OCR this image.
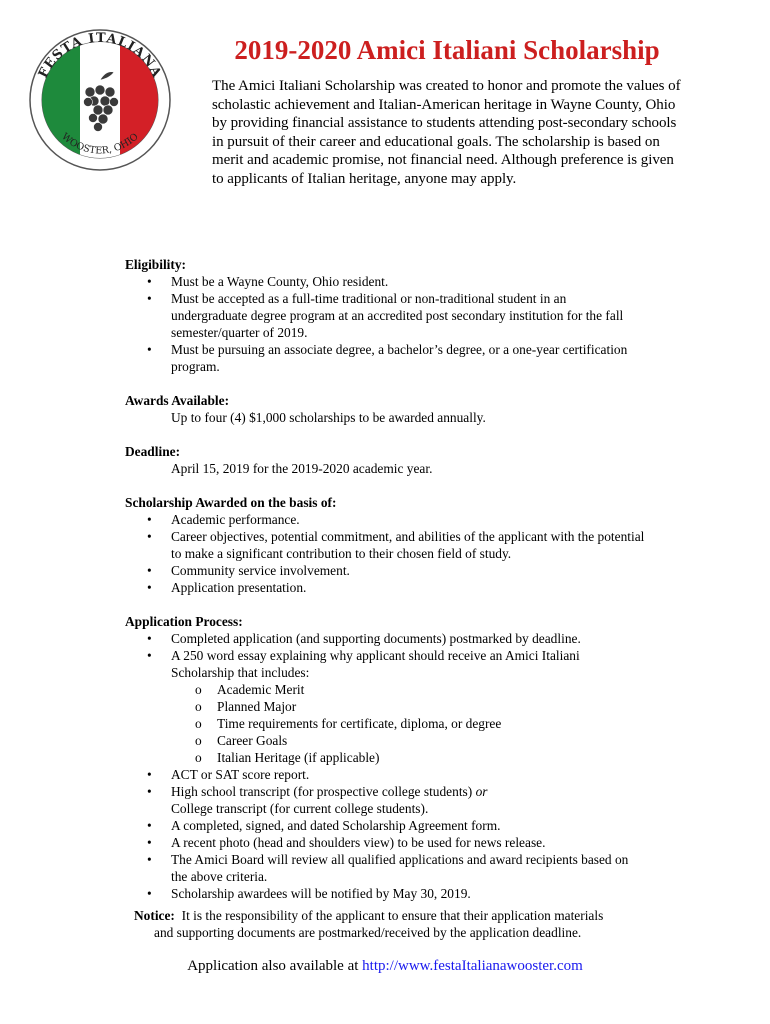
FESTA ITALIANA
WOOSTER, OHIO
2019-2020 Amici Italiani Scholarship

The Amici Italiani Scholarship was created to honor and promote the values of scholastic achievement and Italian-American heritage in Wayne County, Ohio by providing financial assistance to students attending post-secondary schools in pursuit of their career and educational goals. The scholarship is based on merit and academic promise, not financial need. Although preference is given to applicants of Italian heritage, anyone may apply.

Eligibility:
• Must be a Wayne County, Ohio resident.
• Must be accepted as a full-time traditional or non-traditional student in an undergraduate degree program at an accredited post secondary institution for the fall semester/quarter of 2019.
• Must be pursuing an associate degree, a bachelor’s degree, or a one-year certification program.
Awards Available:
Up to four (4) $1,000 scholarships to be awarded annually.
Deadline:
April 15, 2019 for the 2019-2020 academic year.
Scholarship Awarded on the basis of:
• Academic performance.
• Career objectives, potential commitment, and abilities of the applicant with the potential to make a significant contribution to their chosen field of study.
• Community service involvement.
• Application presentation.
Application Process:
• Completed application (and supporting documents) postmarked by deadline.
• A 250 word essay explaining why applicant should receive an Amici Italiani Scholarship that includes:
o Academic Merit
o Planned Major
o Time requirements for certificate, diploma, or degree
o Career Goals
o Italian Heritage (if applicable)
• ACT or SAT score report.
• High school transcript (for prospective college students) or
College transcript (for current college students).
• A completed, signed, and dated Scholarship Agreement form.
• A recent photo (head and shoulders view) to be used for news release.
• The Amici Board will review all qualified applications and award recipients based on the above criteria.
• Scholarship awardees will be notified by May 30, 2019.
Notice: It is the responsibility of the applicant to ensure that their application materials
and supporting documents are postmarked/received by the application deadline.
Application also available at http://www.festaItalianawooster.com
